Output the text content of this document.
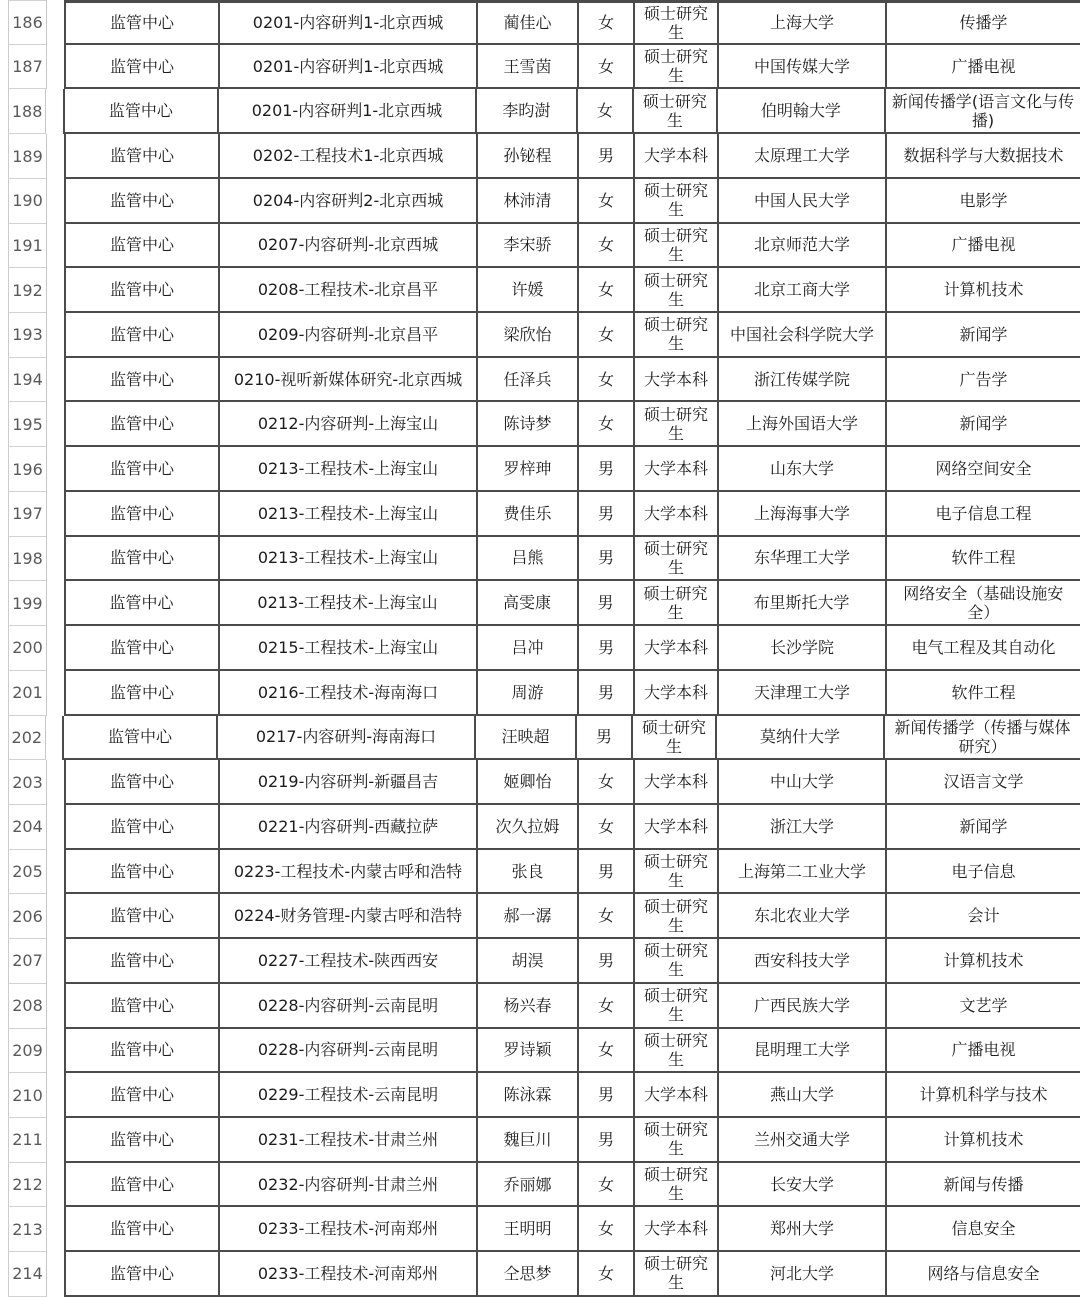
186	监管中心	0201-内容研判1-北京西城	蔺佳心	女	硕士研究生	上海大学	传播学
187	监管中心	0201-内容研判1-北京西城	王雪茵	女	硕士研究生	中国传媒大学	广播电视
188	监管中心	0201-内容研判1-北京西城	李昀澍	女	硕士研究生	伯明翰大学	新闻传播学(语言文化与传播)
189	监管中心	0202-工程技术1-北京西城	孙铋程	男	大学本科	太原理工大学	数据科学与大数据技术
190	监管中心	0204-内容研判2-北京西城	林沛清	女	硕士研究生	中国人民大学	电影学
191	监管中心	0207-内容研判-北京西城	李宋骄	女	硕士研究生	北京师范大学	广播电视
192	监管中心	0208-工程技术-北京昌平	许媛	女	硕士研究生	北京工商大学	计算机技术
193	监管中心	0209-内容研判-北京昌平	梁欣怡	女	硕士研究生	中国社会科学院大学	新闻学
194	监管中心	0210-视听新媒体研究-北京西城	任泽兵	女	大学本科	浙江传媒学院	广告学
195	监管中心	0212-内容研判-上海宝山	陈诗梦	女	硕士研究生	上海外国语大学	新闻学
196	监管中心	0213-工程技术-上海宝山	罗梓珅	男	大学本科	山东大学	网络空间安全
197	监管中心	0213-工程技术-上海宝山	费佳乐	男	大学本科	上海海事大学	电子信息工程
198	监管中心	0213-工程技术-上海宝山	吕熊	男	硕士研究生	东华理工大学	软件工程
199	监管中心	0213-工程技术-上海宝山	高雯康	男	硕士研究生	布里斯托大学	网络安全（基础设施安全）
200	监管中心	0215-工程技术-上海宝山	吕冲	男	大学本科	长沙学院	电气工程及其自动化
201	监管中心	0216-工程技术-海南海口	周游	男	大学本科	天津理工大学	软件工程
202	监管中心	0217-内容研判-海南海口	汪映超	男	硕士研究生	莫纳什大学	新闻传播学（传播与媒体研究）
203	监管中心	0219-内容研判-新疆昌吉	姬卿怡	女	大学本科	中山大学	汉语言文学
204	监管中心	0221-内容研判-西藏拉萨	次久拉姆	女	大学本科	浙江大学	新闻学
205	监管中心	0223-工程技术-内蒙古呼和浩特	张良	男	硕士研究生	上海第二工业大学	电子信息
206	监管中心	0224-财务管理-内蒙古呼和浩特	郝一潺	女	硕士研究生	东北农业大学	会计
207	监管中心	0227-工程技术-陕西西安	胡淏	男	硕士研究生	西安科技大学	计算机技术
208	监管中心	0228-内容研判-云南昆明	杨兴春	女	硕士研究生	广西民族大学	文艺学
209	监管中心	0228-内容研判-云南昆明	罗诗颖	女	硕士研究生	昆明理工大学	广播电视
210	监管中心	0229-工程技术-云南昆明	陈泳霖	男	大学本科	燕山大学	计算机科学与技术
211	监管中心	0231-工程技术-甘肃兰州	魏巨川	男	硕士研究生	兰州交通大学	计算机技术
212	监管中心	0232-内容研判-甘肃兰州	乔丽娜	女	硕士研究生	长安大学	新闻与传播
213	监管中心	0233-工程技术-河南郑州	王明明	女	大学本科	郑州大学	信息安全
214	监管中心	0233-工程技术-河南郑州	仝思梦	女	硕士研究生	河北大学	网络与信息安全
